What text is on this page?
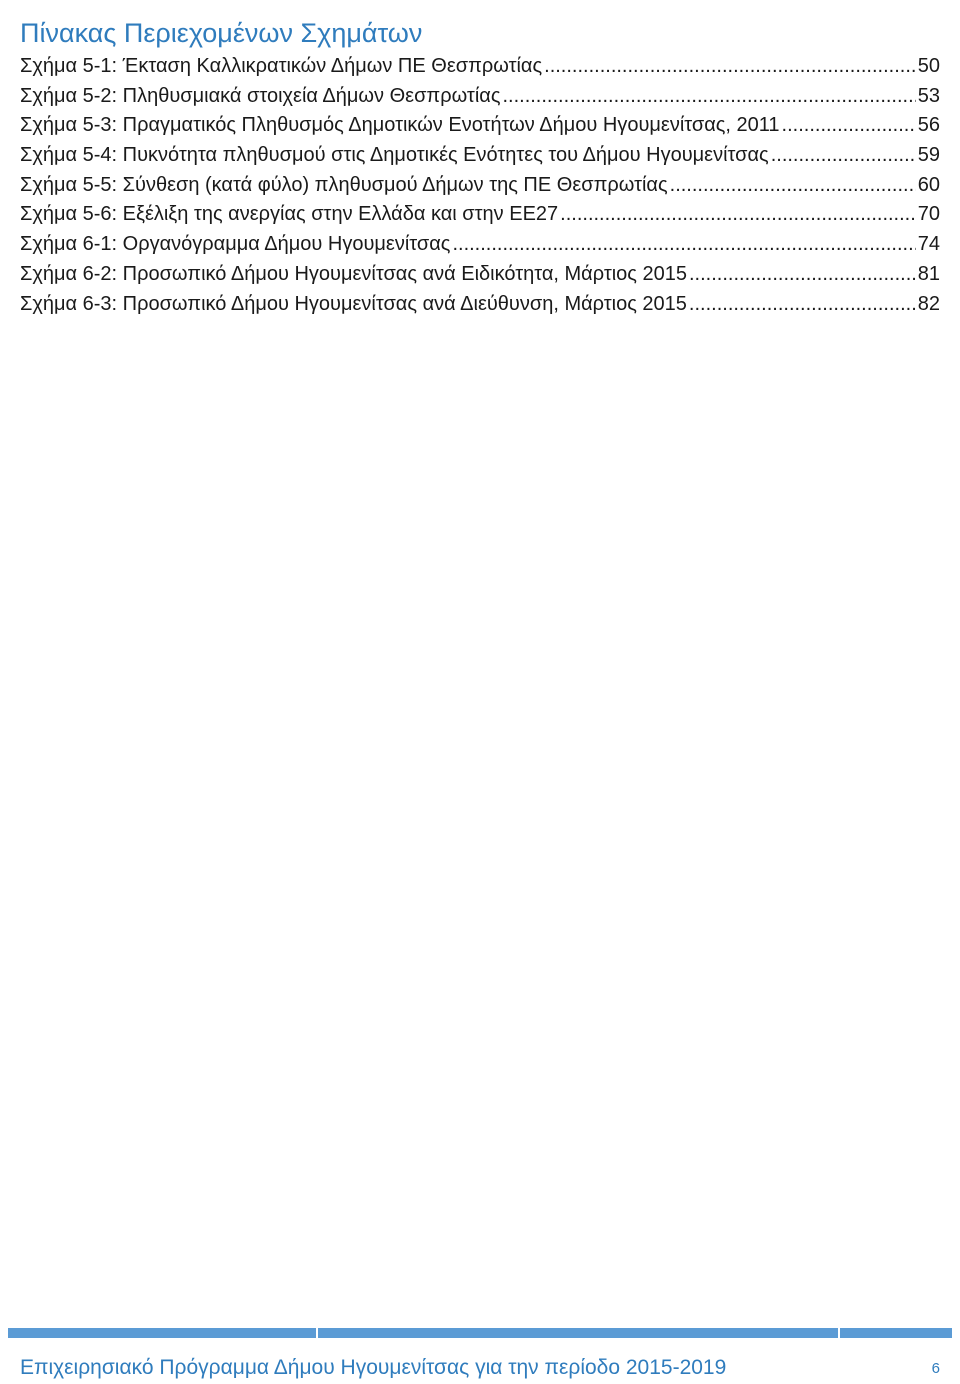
Πίνακας Περιεχομένων Σχημάτων
Σχήμα 5-1: Έκταση Καλλικρατικών Δήμων ΠΕ Θεσπρωτίας .....	50
Σχήμα 5-2: Πληθυσμιακά στοιχεία Δήμων Θεσπρωτίας .....	53
Σχήμα 5-3: Πραγματικός Πληθυσμός Δημοτικών Ενοτήτων Δήμου Ηγουμενίτσας, 2011 .....	56
Σχήμα 5-4: Πυκνότητα πληθυσμού στις Δημοτικές Ενότητες του Δήμου Ηγουμενίτσας .....	59
Σχήμα 5-5: Σύνθεση (κατά φύλο) πληθυσμού Δήμων της ΠΕ Θεσπρωτίας .....	60
Σχήμα 5-6: Εξέλιξη της ανεργίας στην Ελλάδα και στην ΕΕ27 .....	70
Σχήμα 6-1: Οργανόγραμμα Δήμου Ηγουμενίτσας .....	74
Σχήμα 6-2: Προσωπικό Δήμου Ηγουμενίτσας ανά Ειδικότητα, Μάρτιος 2015 .....	81
Σχήμα 6-3: Προσωπικό Δήμου Ηγουμενίτσας ανά Διεύθυνση, Μάρτιος 2015 .....	82
Επιχειρησιακό Πρόγραμμα Δήμου Ηγουμενίτσας για την περίοδο 2015-2019	6
